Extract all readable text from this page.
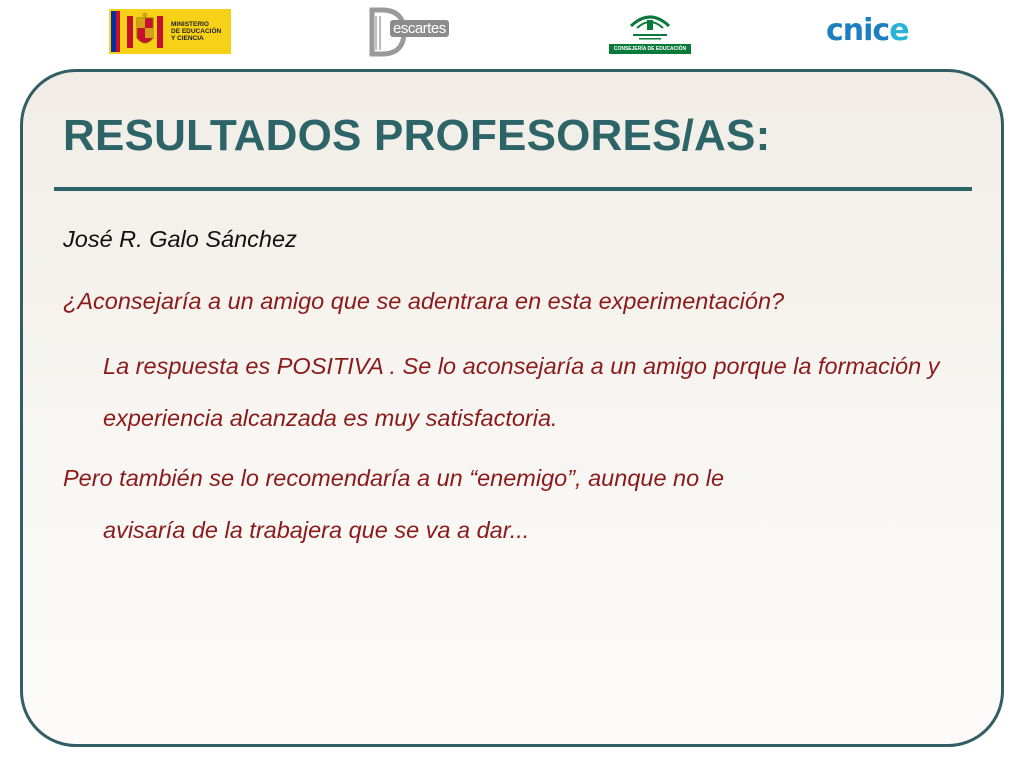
MINISTERIO
DE EDUCACIÓN
Y CIENCIA
escartes
CONSEJERÍA DE EDUCACIÓN
cnice
RESULTADOS PROFESORES/AS:

José R. Galo Sánchez

¿Aconsejaría a un amigo que se adentrara en esta experimentación?

La respuesta es POSITIVA . Se lo aconsejaría a un amigo porque la formación y experiencia alcanzada es muy satisfactoria.

Pero también se lo recomendaría a un “enemigo”, aunque no le
avisaría de la trabajera que se va a dar...
